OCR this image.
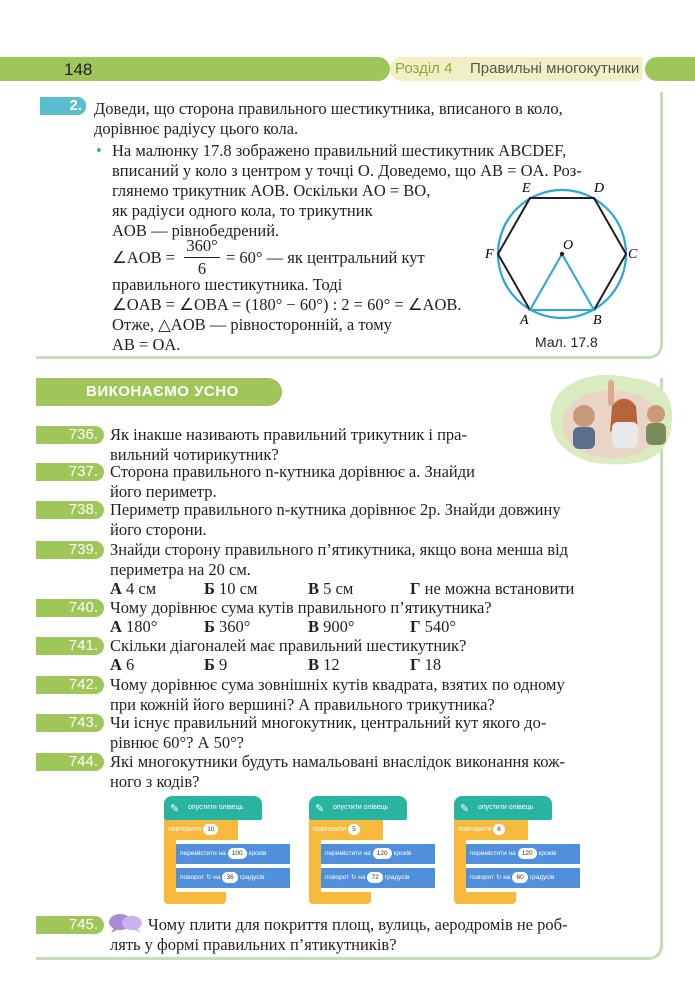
148	Розділ 4 Правильні многокутники
2. Доведи, що сторона правильного шестикутника, вписаного в коло,
дорівнює радіусу цього кола.
• На малюнку 17.8 зображено правильний шестикутник ABCDEF,
вписаний у коло з центром у точці O. Доведемо, що AB = OA. Роз-
глянемо трикутник AOB. Оскільки AO = BO,
як радіуси одного кола, то трикутник
AOB — рівнобедрений.
∠AOB =
360°
6
= 60° — як центральний кут
правильного шестикутника. Тоді
∠OAB = ∠OBA = (180° − 60°) : 2 = 60° = ∠AOB.
Отже, △AOB — рівносторонній, а тому
AB = OA.
E	D
C
B
A
F
O
Мал. 17.8
ВИКОНАЄМО УСНО
736. Як інакше називають правильний трикутник і пра-
вильний чотирикутник?
737. Сторона правильного n-кутника дорівнює a. Знайди
його периметр.
738. Периметр правильного n-кутника дорівнює 2p. Знайди довжину
його сторони.
739. Знайди сторону правильного п’ятикутника, якщо вона менша від
периметра на 20 см.
А 4 см	Б 10 см	В 5 см	Г не можна встановити
740. Чому дорівнює сума кутів правильного п’ятикутника?
А 180°	Б 360°	В 900°	Г 540°
741. Скільки діагоналей має правильний шестикутник?
А 6	Б 9	В 12	Г 18
742. Чому дорівнює сума зовнішніх кутів квадрата, взятих по одному
при кожній його вершині? А правильного трикутника?
743. Чи існує правильний многокутник, центральний кут якого до-
рівнює 60°? А 50°?
744. Які многокутники будуть намальовані внаслідок виконання кож-
ного з кодів?
опустити олівець
✎
повторити 10
перемістити на 100 кроків
поворот ↻ на 36 градусів
опустити олівець
✎
повторити 5
перемістити на 120 кроків
поворот ↻ на 72 градусів
опустити олівець
✎
повторити 6
перемістити на 120 кроків
поворот ↻ на 60 градусів
745.	Чому плити для покриття площ, вулиць, аеродромів не роб-
лять у формі правильних п’ятикутників?
